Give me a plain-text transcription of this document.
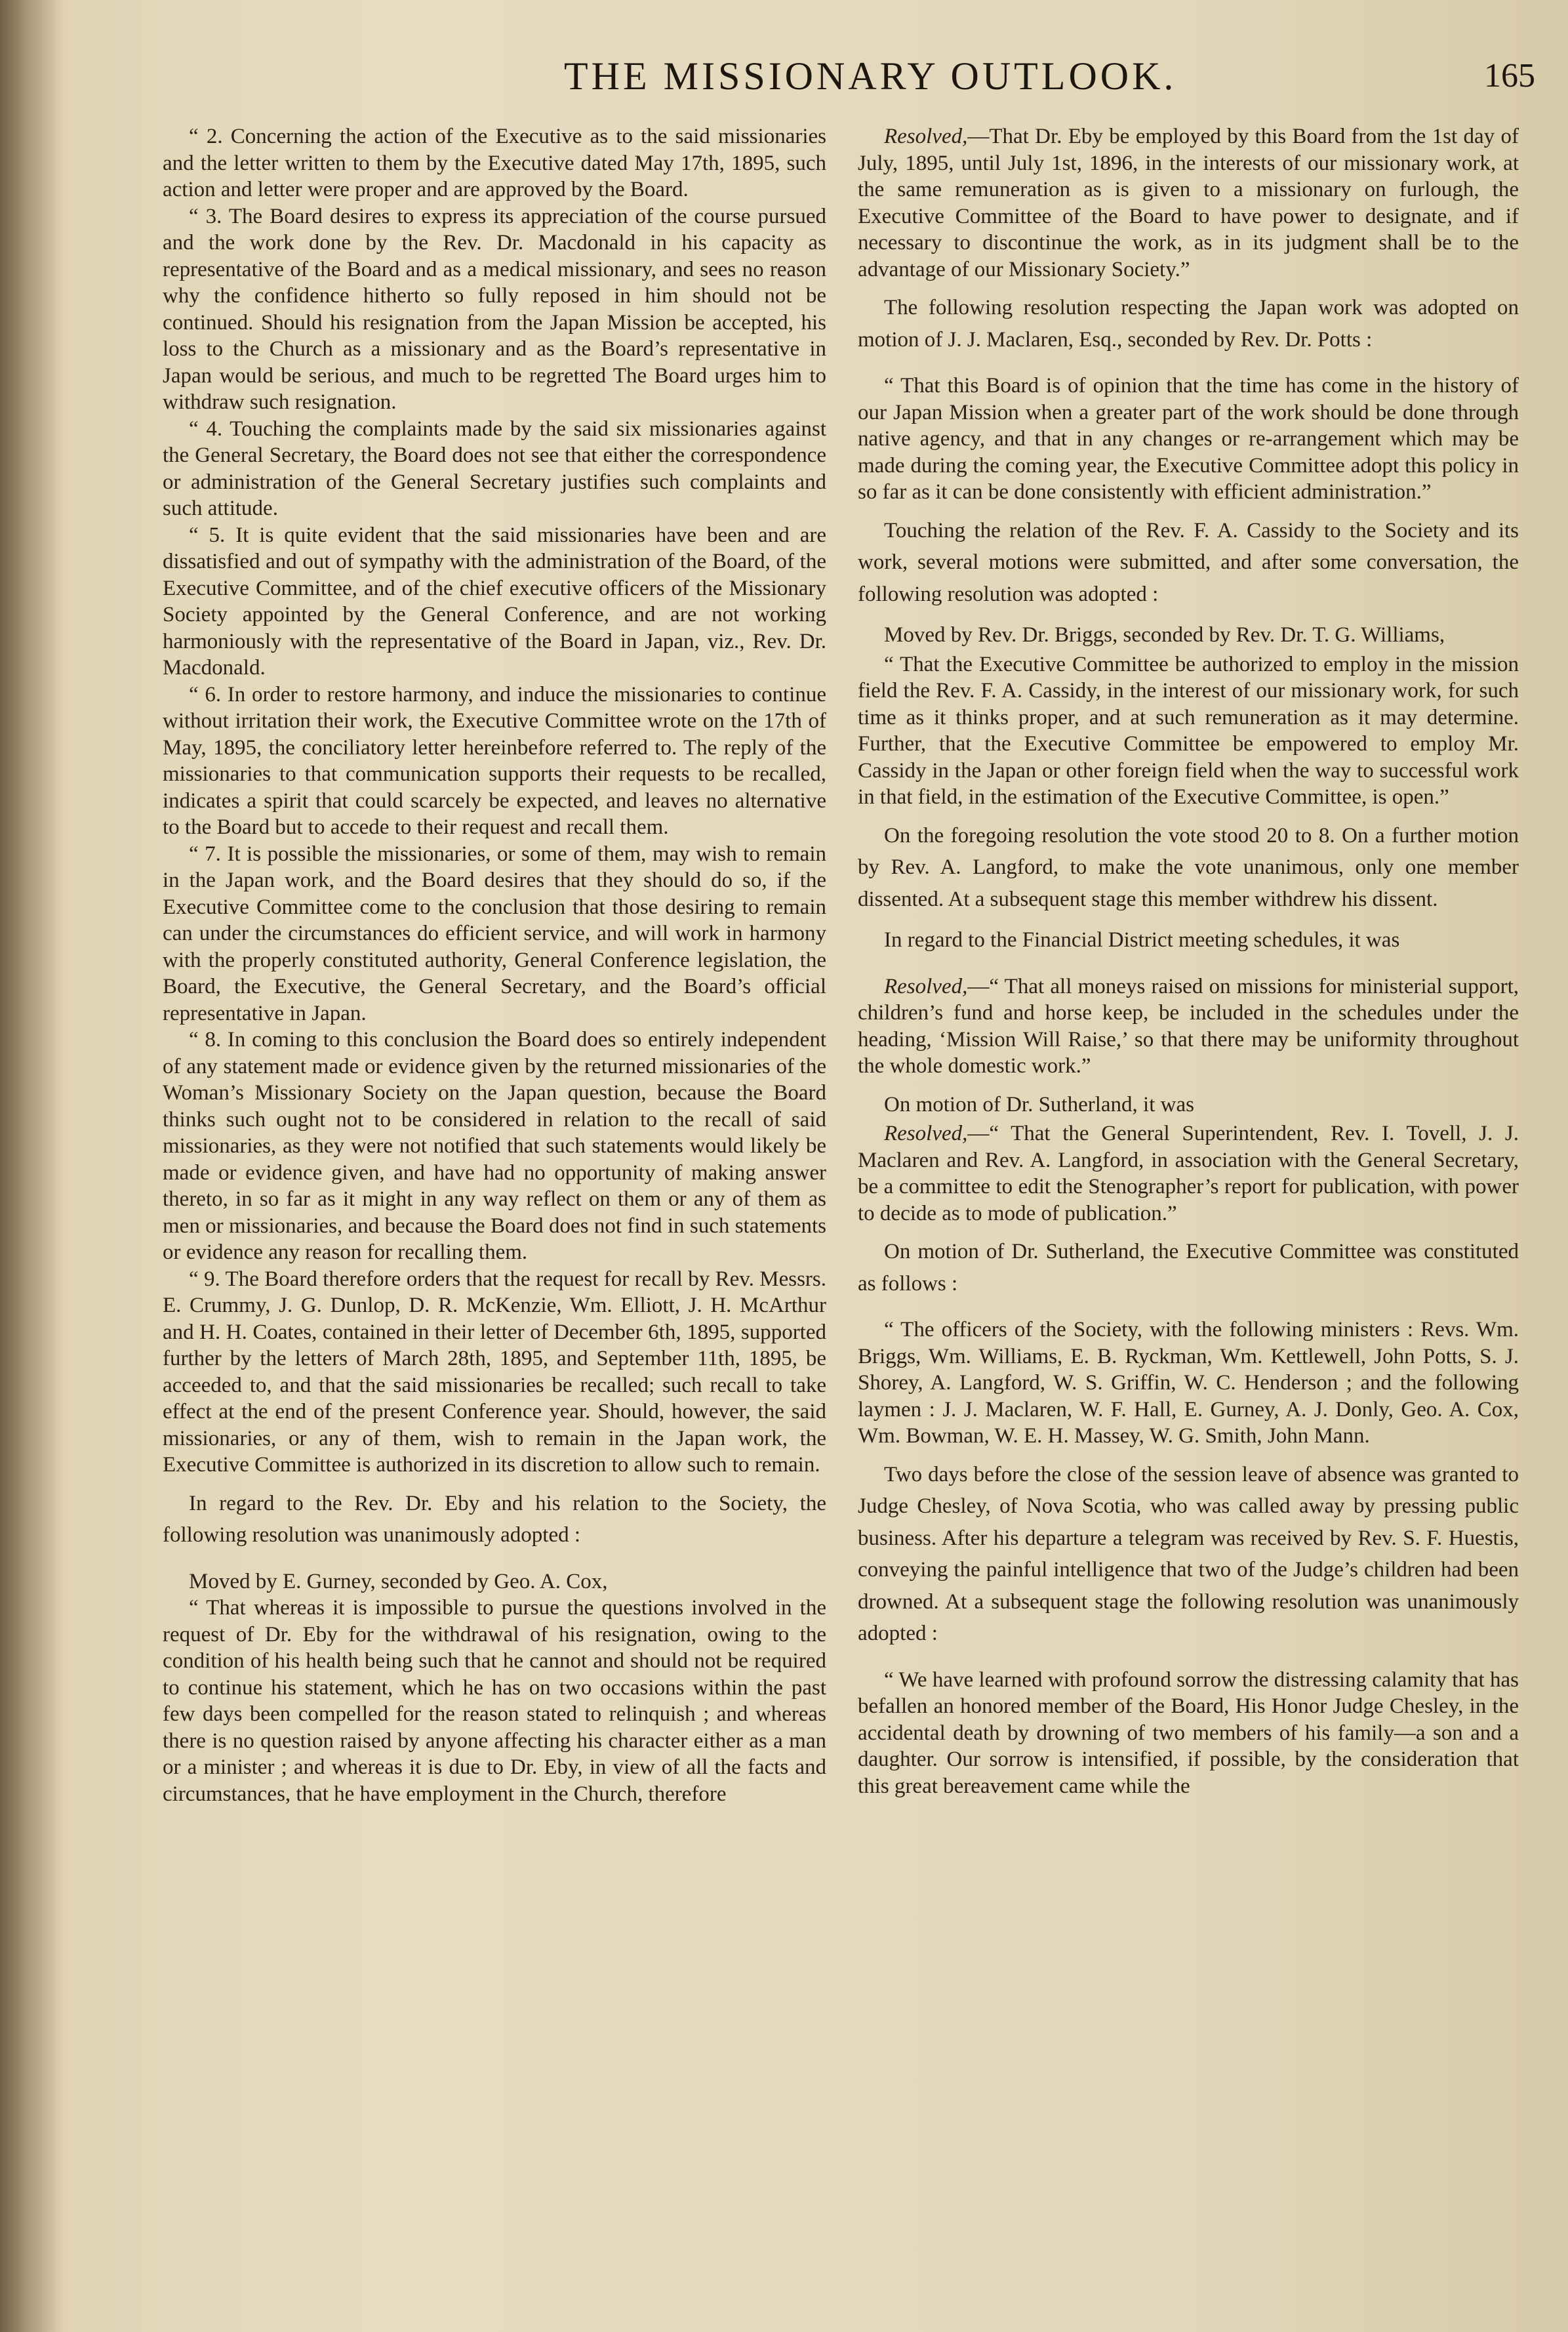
THE MISSIONARY OUTLOOK.	165

“ 2. Concerning the action of the Executive as to the said missionaries and the letter written to them by the Executive dated May 17th, 1895, such action and letter were proper and are approved by the Board.

“ 3. The Board desires to express its appreciation of the course pursued and the work done by the Rev. Dr. Macdonald in his capacity as representative of the Board and as a medical missionary, and sees no reason why the confidence hitherto so fully reposed in him should not be continued. Should his resignation from the Japan Mission be accepted, his loss to the Church as a missionary and as the Board’s representative in Japan would be serious, and much to be regretted The Board urges him to withdraw such resignation.

“ 4. Touching the complaints made by the said six missionaries against the General Secretary, the Board does not see that either the correspondence or administration of the General Secretary justifies such complaints and such attitude.

“ 5. It is quite evident that the said missionaries have been and are dissatisfied and out of sympathy with the administration of the Board, of the Executive Committee, and of the chief executive officers of the Missionary Society appointed by the General Conference, and are not working harmoniously with the representative of the Board in Japan, viz., Rev. Dr. Macdonald.

“ 6. In order to restore harmony, and induce the missionaries to continue without irritation their work, the Executive Committee wrote on the 17th of May, 1895, the conciliatory letter hereinbefore referred to. The reply of the missionaries to that communication supports their requests to be recalled, indicates a spirit that could scarcely be expected, and leaves no alternative to the Board but to accede to their request and recall them.

“ 7. It is possible the missionaries, or some of them, may wish to remain in the Japan work, and the Board desires that they should do so, if the Executive Committee come to the conclusion that those desiring to remain can under the circumstances do efficient service, and will work in harmony with the properly constituted authority, General Conference legislation, the Board, the Executive, the General Secretary, and the Board’s official representative in Japan.

“ 8. In coming to this conclusion the Board does so entirely independent of any statement made or evidence given by the returned missionaries of the Woman’s Missionary Society on the Japan question, because the Board thinks such ought not to be considered in relation to the recall of said missionaries, as they were not notified that such statements would likely be made or evidence given, and have had no opportunity of making answer thereto, in so far as it might in any way reflect on them or any of them as men or missionaries, and because the Board does not find in such statements or evidence any reason for recalling them.

“ 9. The Board therefore orders that the request for recall by Rev. Messrs. E. Crummy, J. G. Dunlop, D. R. McKenzie, Wm. Elliott, J. H. McArthur and H. H. Coates, contained in their letter of December 6th, 1895, supported further by the letters of March 28th, 1895, and September 11th, 1895, be acceeded to, and that the said missionaries be recalled; such recall to take effect at the end of the present Conference year. Should, however, the said missionaries, or any of them, wish to remain in the Japan work, the Executive Committee is authorized in its discretion to allow such to remain.

In regard to the Rev. Dr. Eby and his relation to the Society, the following resolution was unanimously adopted :

Moved by E. Gurney, seconded by Geo. A. Cox,

“ That whereas it is impossible to pursue the questions involved in the request of Dr. Eby for the withdrawal of his resignation, owing to the condition of his health being such that he cannot and should not be required to continue his statement, which he has on two occasions within the past few days been compelled for the reason stated to relinquish ; and whereas there is no question raised by anyone affecting his character either as a man or a minister ; and whereas it is due to Dr. Eby, in view of all the facts and circumstances, that he have employment in the Church, therefore

Resolved,—That Dr. Eby be employed by this Board from the 1st day of July, 1895, until July 1st, 1896, in the interests of our missionary work, at the same remuneration as is given to a missionary on furlough, the Executive Committee of the Board to have power to designate, and if necessary to discontinue the work, as in its judgment shall be to the advantage of our Missionary Society.”

The following resolution respecting the Japan work was adopted on motion of J. J. Maclaren, Esq., seconded by Rev. Dr. Potts :

“ That this Board is of opinion that the time has come in the history of our Japan Mission when a greater part of the work should be done through native agency, and that in any changes or re-arrangement which may be made during the coming year, the Executive Committee adopt this policy in so far as it can be done consistently with efficient administration.”

Touching the relation of the Rev. F. A. Cassidy to the Society and its work, several motions were submitted, and after some conversation, the following resolution was adopted :

Moved by Rev. Dr. Briggs, seconded by Rev. Dr. T. G. Williams,

“ That the Executive Committee be authorized to employ in the mission field the Rev. F. A. Cassidy, in the interest of our missionary work, for such time as it thinks proper, and at such remuneration as it may determine. Further, that the Executive Committee be empowered to employ Mr. Cassidy in the Japan or other foreign field when the way to successful work in that field, in the estimation of the Executive Committee, is open.”

On the foregoing resolution the vote stood 20 to 8. On a further motion by Rev. A. Langford, to make the vote unanimous, only one member dissented. At a subsequent stage this member withdrew his dissent.

In regard to the Financial District meeting schedules, it was

Resolved,—“ That all moneys raised on missions for ministerial support, children’s fund and horse keep, be included in the schedules under the heading, ‘Mission Will Raise,’ so that there may be uniformity throughout the whole domestic work.”

On motion of Dr. Sutherland, it was

Resolved,—“ That the General Superintendent, Rev. I. Tovell, J. J. Maclaren and Rev. A. Langford, in association with the General Secretary, be a committee to edit the Stenographer’s report for publication, with power to decide as to mode of publication.”

On motion of Dr. Sutherland, the Executive Committee was constituted as follows :

“ The officers of the Society, with the following ministers : Revs. Wm. Briggs, Wm. Williams, E. B. Ryckman, Wm. Kettlewell, John Potts, S. J. Shorey, A. Langford, W. S. Griffin, W. C. Henderson ; and the following laymen : J. J. Maclaren, W. F. Hall, E. Gurney, A. J. Donly, Geo. A. Cox, Wm. Bowman, W. E. H. Massey, W. G. Smith, John Mann.

Two days before the close of the session leave of absence was granted to Judge Chesley, of Nova Scotia, who was called away by pressing public business. After his departure a telegram was received by Rev. S. F. Huestis, conveying the painful intelligence that two of the Judge’s children had been drowned. At a subsequent stage the following resolution was unanimously adopted :

“ We have learned with profound sorrow the distressing calamity that has befallen an honored member of the Board, His Honor Judge Chesley, in the accidental death by drowning of two members of his family—a son and a daughter. Our sorrow is intensified, if possible, by the consideration that this great bereavement came while the
